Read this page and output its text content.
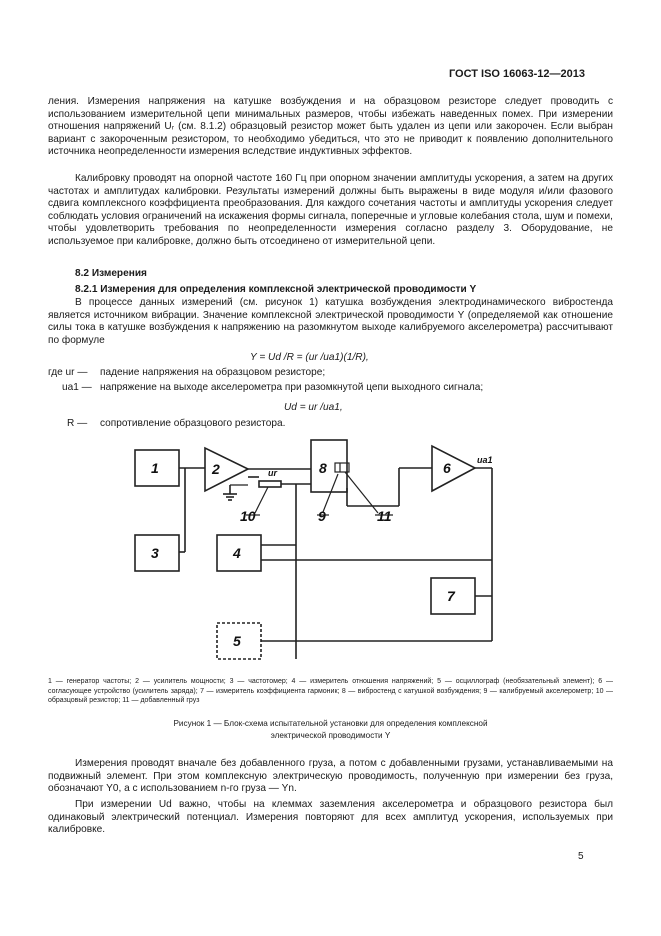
ГОСТ ISO 16063-12—2013
ления. Измерения напряжения на катушке возбуждения и на образцовом резисторе следует проводить с использованием измерительной цепи минимальных размеров, чтобы избежать наведенных помех. При измерении отношения напряжений Uᵣ (см. 8.1.2) образцовый резистор может быть удален из цепи или закорочен. Если выбран вариант с закороченным резистором, то необходимо убедиться, что это не приводит к появлению дополнительного источника неопределенности измерения вследствие индуктивных эффектов.
Калибровку проводят на опорной частоте 160 Гц при опорном значении амплитуды ускорения, а затем на других частотах и амплитудах калибровки. Результаты измерений должны быть выражены в виде модуля и/или фазового сдвига комплексного коэффициента преобразования. Для каждого сочетания частоты и амплитуды ускорения следует соблюдать условия ограничений на искажения формы сигнала, поперечные и угловые колебания стола, шум и помехи, чтобы удовлетворить требования по неопределенности измерения согласно разделу 3. Оборудование, не используемое при калибровке, должно быть отсоединено от измерительной цепи.
8.2 Измерения
8.2.1 Измерения для определения комплексной электрической проводимости Y
В процессе данных измерений (см. рисунок 1) катушка возбуждения электродинамического вибростенда является источником вибрации. Значение комплексной электрической проводимости Y (определяемой как отношение силы тока в катушке возбуждения к напряжению на разомкнутом выходе калибруемого акселерометра) рассчитывают по формуле
Y = Ud /R = (ur /ua1)(1/R),
где ur — падение напряжения на образцовом резисторе;
ua1 — напряжение на выходе акселерометра при разомкнутой цепи выходного сигнала;
Ud = ur /ua1,
R — сопротивление образцового резистора.
1	2
3	4
5
6
7
8
9
10	11
ur
ua1
1 — генератор частоты; 2 — усилитель мощности; 3 — частотомер; 4 — измеритель отношения напряжений; 5 — осциллограф (необязательный элемент); 6 — согласующее устройство (усилитель заряда); 7 — измеритель коэффициента гармоник; 8 — вибростенд с катушкой возбуждения; 9 — калибруемый акселерометр; 10 — образцовый резистор; 11 — добавленный груз
Рисунок 1 — Блок-схема испытательной установки для определения комплексной
электрической проводимости Y
Измерения проводят вначале без добавленного груза, а потом с добавленными грузами, устанавливаемыми на подвижный элемент. При этом комплексную электрическую проводимость, полученную при измерении без груза, обозначают Y0, а с использованием n-го груза — Yn.
При измерении Ud важно, чтобы на клеммах заземления акселерометра и образцового резистора был одинаковый электрический потенциал. Измерения повторяют для всех амплитуд ускорения, используемых при калибровке.
5
